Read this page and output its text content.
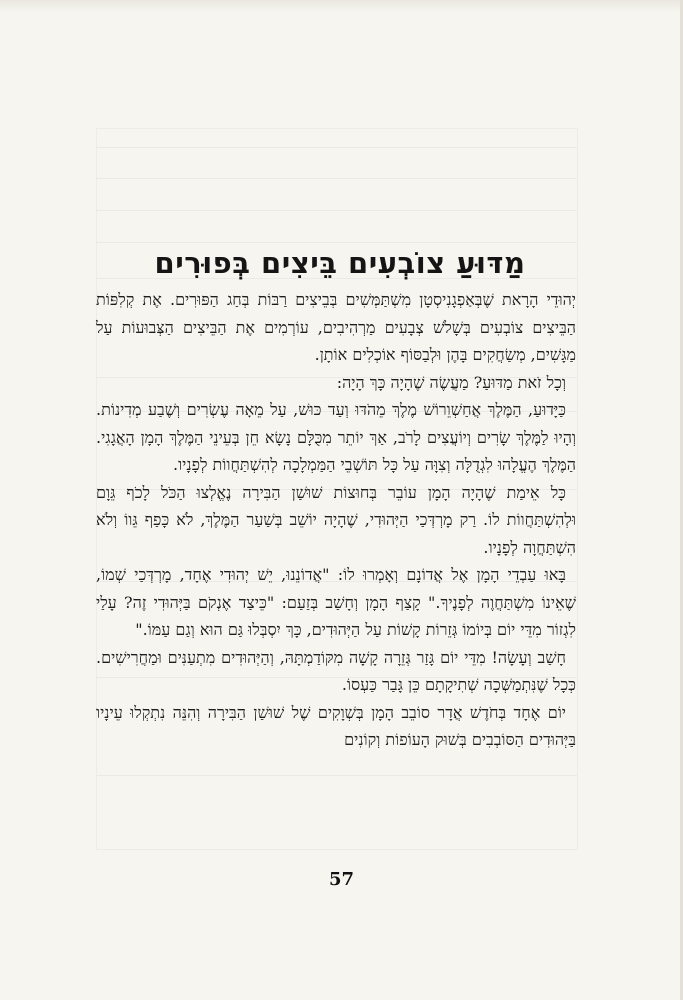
מַדּוּעַ צוֹבְעִים בֵּיצִים בְּפוּרִים

יְהוּדֵי הָרָאת שֶׁבְּאַפְגָנִיסְטָן מִשְׁתַּמְּשִׁים בְּבֵיצִים רַבּוֹת בְּחַג הַפּוּרִים. אֶת קְלִפּוֹת הַבֵּיצִים צוֹבְעִים בְּשָׁלֹשׁ צְבָעִים מַרְהִיבִים, עוֹרְמִים אֶת הַבֵּיצִים הַצְּבוּעוֹת עַל מַגָּשִׁים, מְשַׂחֲקִים בָּהֶן וּלְבַסּוֹף אוֹכְלִים אוֹתָן.

וְכָל זֹאת מַדּוּעַ? מַעֲשֶׂה שֶׁהָיָה כָּךְ הָיָה:

כַּיָּדוּעַ, הַמֶּלֶךְ אֲחַשְׁוֵרוֹשׁ מֶלֶךְ מֵהֹדּוּ וְעַד כּוּשׁ, עַל מֵאָה עֶשְׂרִים וְשֶׁבַע מְדִינוֹת. וְהָיוּ לַמֶּלֶךְ שָׂרִים וְיוֹעֲצִים לָרֹב, אַךְ יוֹתֵר מִכֻּלָּם נָשָׂא חֵן בְּעֵינֵי הַמֶּלֶךְ הָמָן הָאֲגָגִי. הַמֶּלֶךְ הֶעֱלָהוּ לִגְדֻלָּה וְצִוָּה עַל כָּל תּוֹשְׁבֵי הַמַּמְלָכָה לְהִשְׁתַּחֲווֹת לְפָנָיו.

כָּל אֵימַת שֶׁהָיָה הָמָן עוֹבֵר בְּחוּצוֹת שׁוּשַׁן הַבִּירָה נֶאֱלְצוּ הַכֹּל לָכֹף גֵּוָם וּלְהִשְׁתַּחֲווֹת לוֹ. רַק מָרְדְּכַי הַיְּהוּדִי, שֶׁהָיָה יוֹשֵׁב בְּשַׁעַר הַמֶּלֶךְ, לֹא כָּפַף גֵּווֹ וְלֹא הִשְׁתַּחֲוָה לְפָנָיו.

בָּאוּ עַבְדֵי הָמָן אֶל אֲדוֹנָם וְאָמְרוּ לוֹ: "אֲדוֹנֵנוּ, יֵשׁ יְהוּדִי אֶחָד, מָרְדְּכַי שְׁמוֹ, שֶׁאֵינוֹ מִשְׁתַּחֲוֶה לְפָנֶיךָ." קָצַף הָמָן וְחָשַׁב בְּזַעַם: "כֵּיצַד אֶנְקֹם בַּיְּהוּדִי זֶה? עָלַי לִגְזוֹר מִדֵּי יוֹם בְּיוֹמוֹ גְּזֵרוֹת קָשׁוֹת עַל הַיְּהוּדִים, כָּךְ יִסְבְּלוּ גַּם הוּא וְגַם עַמּוֹ."

חָשַׁב וְעָשָׂה! מִדֵּי יוֹם גָּזַר גְּזֵרָה קָשָׁה מִקּוֹדַמְתָּהּ, וְהַיְּהוּדִים מִתְעַנִּים וּמַחֲרִישִׁים. כְּכָל שֶׁנִּתְמַשְּׁכָה שְׁתִיקָתָם כֵּן גָּבַר כַּעְסוֹ.

יוֹם אֶחָד בְּחֹדֶשׁ אֲדָר סוֹבֵב הָמָן בְּשְׁוָקִים שֶׁל שׁוּשַׁן הַבִּירָה וְהִנֵּה נִתְקְלוּ עֵינָיו בַּיְּהוּדִים הַסּוֹבְבִים בְּשׁוּק הָעוֹפוֹת וְקוֹנִים

57
